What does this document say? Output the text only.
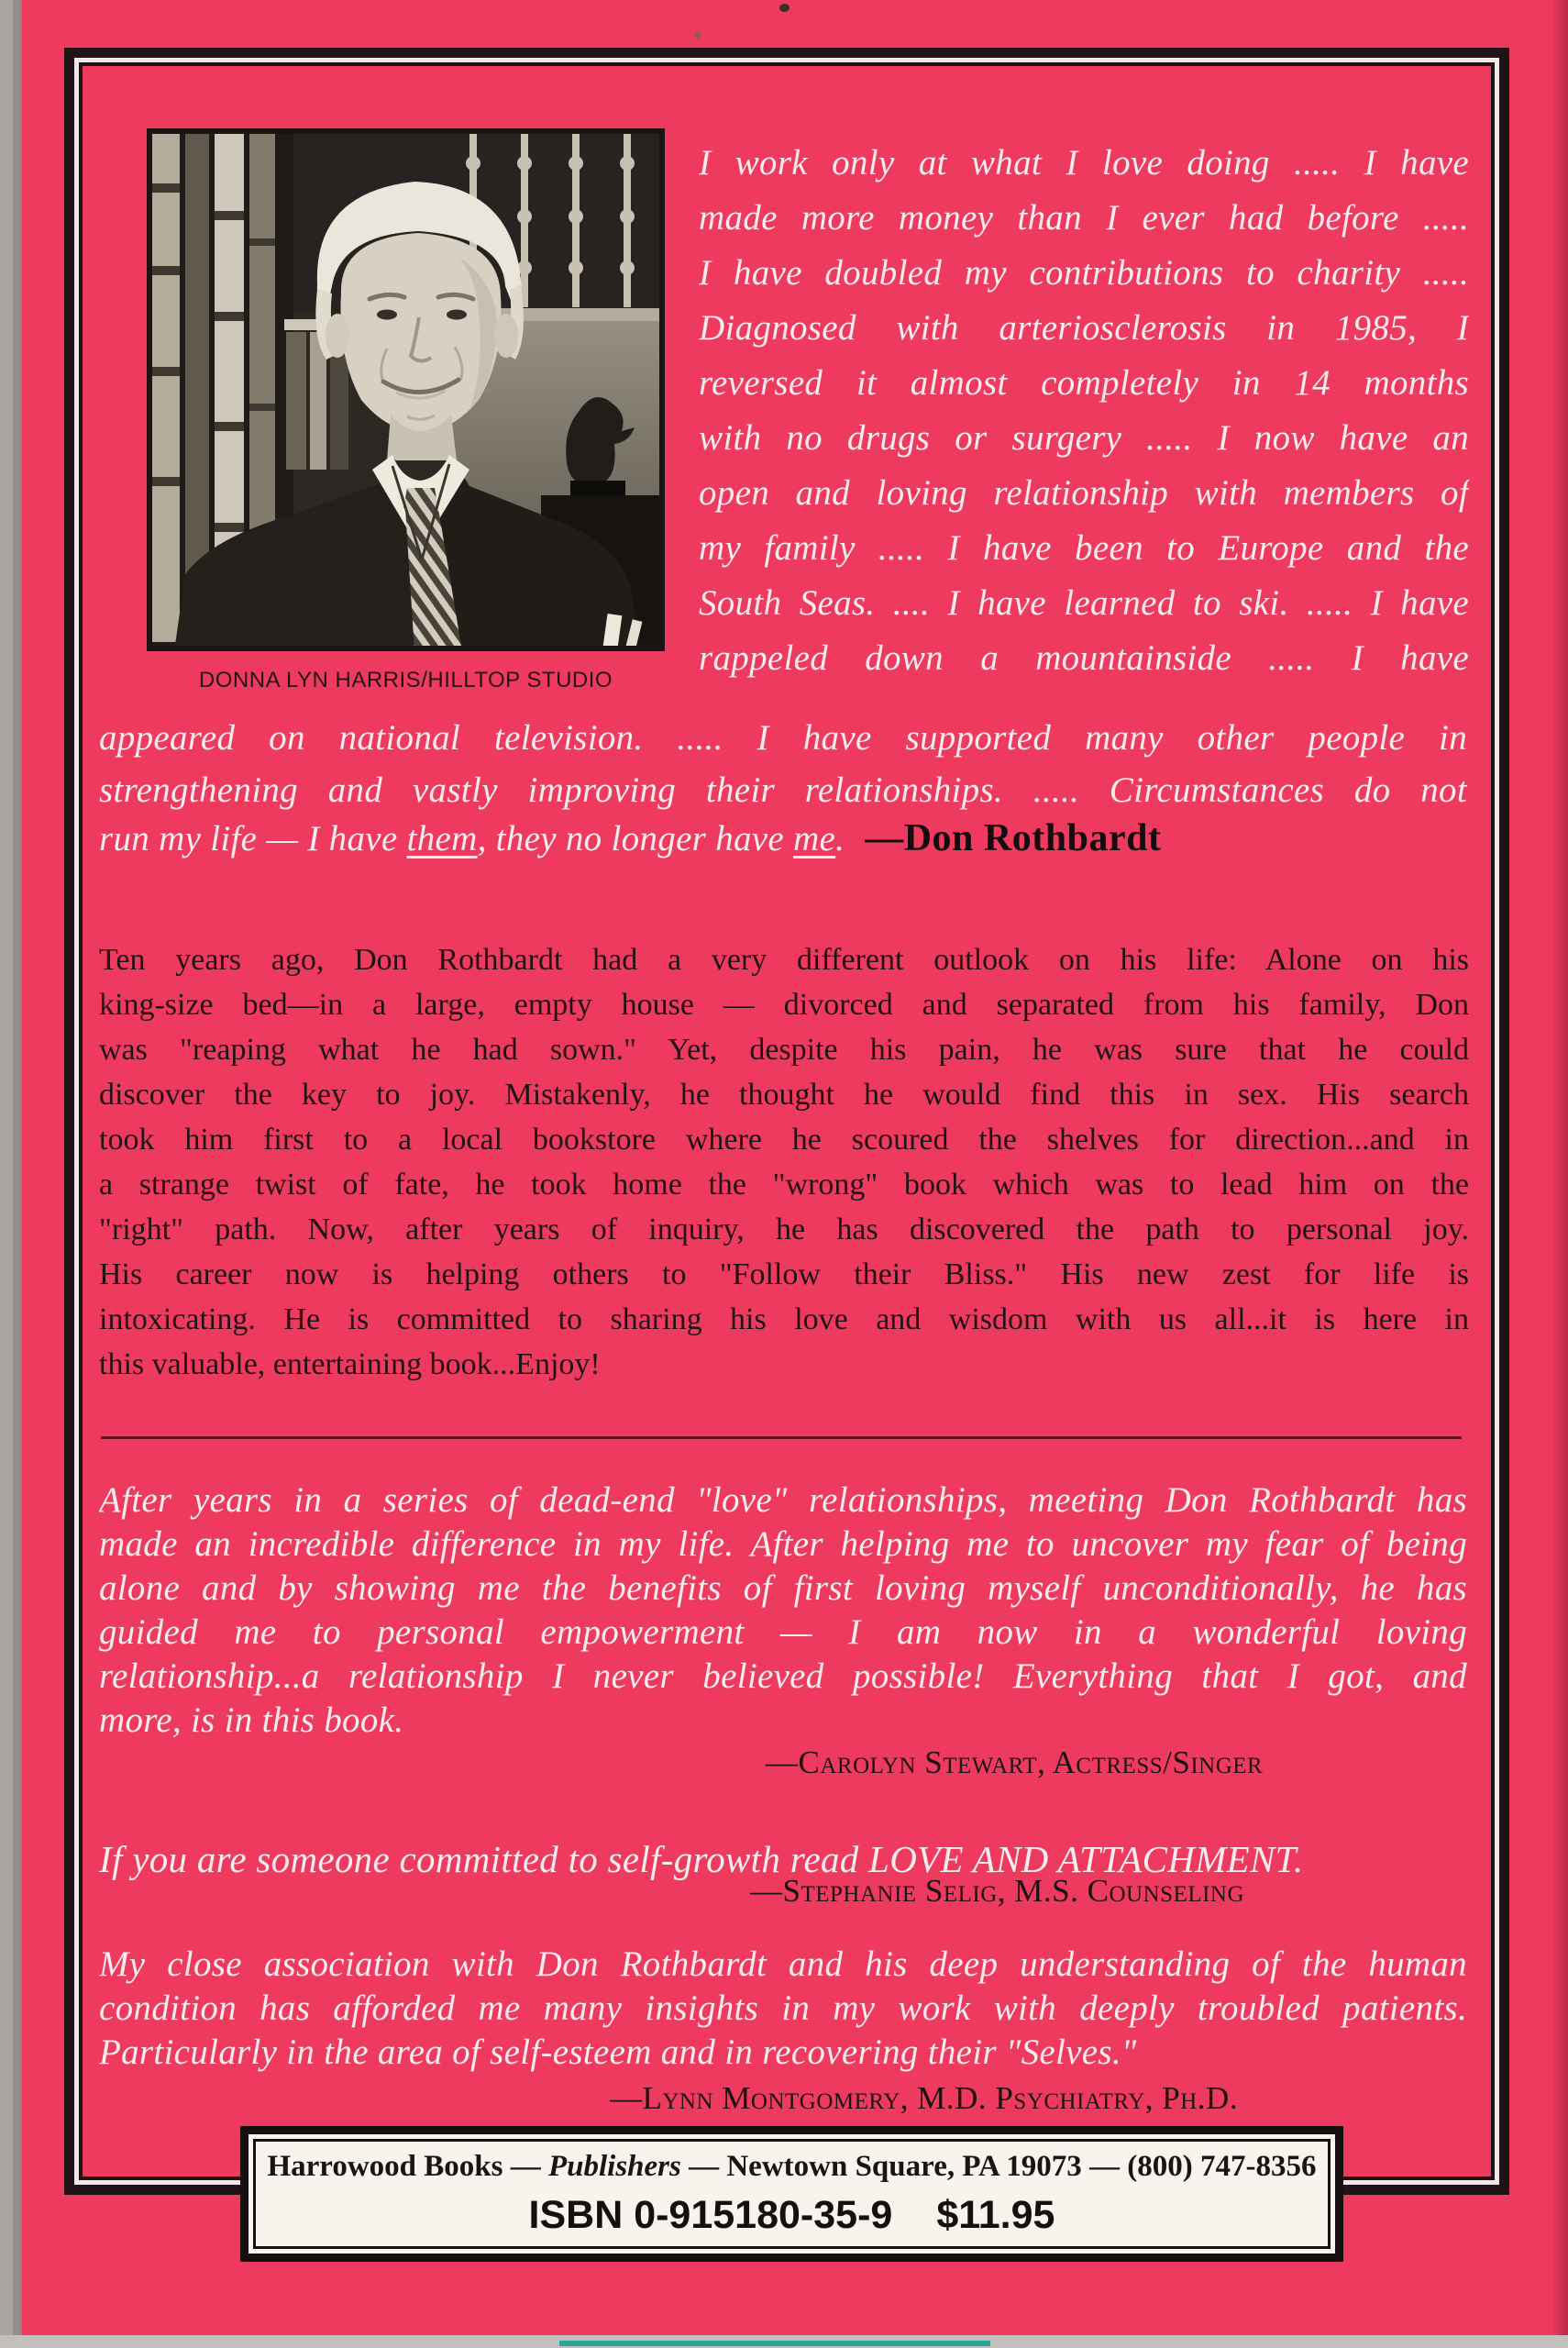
DONNA LYN HARRIS/HILLTOP STUDIO
I work only at what I love doing ..... I have
made more money than I ever had before .....
I have doubled my contributions to charity .....
Diagnosed with arteriosclerosis in 1985, I
reversed it almost completely in 14 months
with no drugs or surgery ..... I now have an
open and loving relationship with members of
my family ..... I have been to Europe and the
South Seas. .... I have learned to ski. ..... I have
rappeled down a mountainside ..... I have
appeared on national television. ..... I have supported many other people in
strengthening and vastly improving their relationships. ..... Circumstances do not
run my life — I have them, they no longer have me. —Don Rothbardt
Ten years ago, Don Rothbardt had a very different outlook on his life: Alone on his
king-size bed—in a large, empty house — divorced and separated from his family, Don
was "reaping what he had sown." Yet, despite his pain, he was sure that he could
discover the key to joy. Mistakenly, he thought he would find this in sex. His search
took him first to a local bookstore where he scoured the shelves for direction...and in
a strange twist of fate, he took home the "wrong" book which was to lead him on the
"right" path. Now, after years of inquiry, he has discovered the path to personal joy.
His career now is helping others to "Follow their Bliss." His new zest for life is
intoxicating. He is committed to sharing his love and wisdom with us all...it is here in
this valuable, entertaining book...Enjoy!
After years in a series of dead-end "love" relationships, meeting Don Rothbardt has
made an incredible difference in my life. After helping me to uncover my fear of being
alone and by showing me the benefits of first loving myself unconditionally, he has
guided me to personal empowerment — I am now in a wonderful loving
relationship...a relationship I never believed possible! Everything that I got, and
more, is in this book.
—Carolyn Stewart, Actress/Singer
If you are someone committed to self-growth read LOVE AND ATTACHMENT.
—Stephanie Selig, M.S. Counseling
My close association with Don Rothbardt and his deep understanding of the human
condition has afforded me many insights in my work with deeply troubled patients.
Particularly in the area of self-esteem and in recovering their "Selves."
—Lynn Montgomery, M.D. Psychiatry, Ph.D.
Harrowood Books — Publishers — Newtown Square, PA 19073 — (800) 747-8356
ISBN 0-915180-35-9 $11.95
